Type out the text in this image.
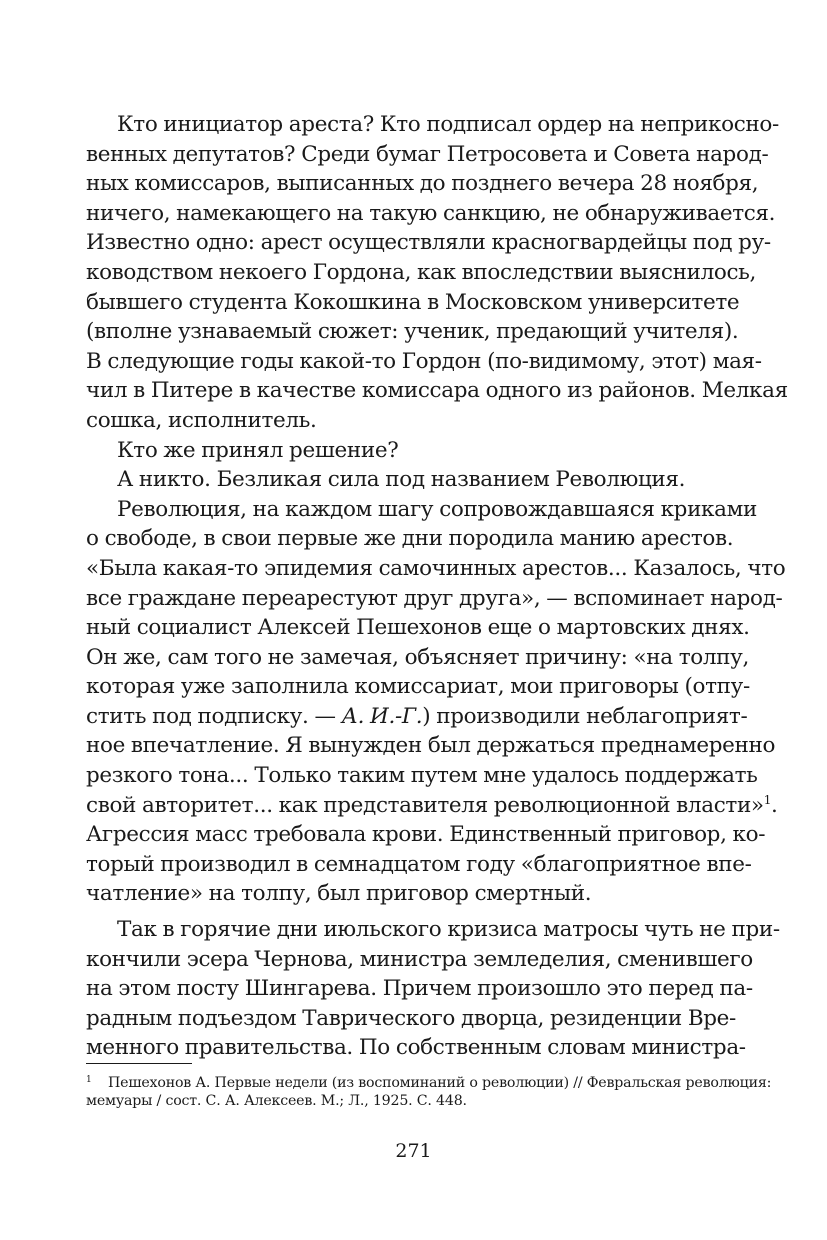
Кто инициатор ареста? Кто подписал ордер на неприкоснo-
венных депутатов? Среди бумаг Петросовета и Совета народ-
ных комиссаров, выписанных до позднего вечера 28 ноября,
ничего, намекающего на такую санкцию, не обнаруживается.
Известно одно: арест осуществляли красногвардейцы под ру-
ководством некоего Гордона, как впоследствии выяснилось,
бывшего студента Кокошкина в Московском университете
(вполне узнаваемый сюжет: ученик, предающий учителя).
В следующие годы какой-то Гордон (по-видимому, этот) мая-
чил в Питере в качестве комиссара одного из районов. Мелкая
сошка, исполнитель.
Кто же принял решение?
А никто. Безликая сила под названием Революция.
Революция, на каждом шагу сопровождавшаяся криками
о свободе, в свои первые же дни породила манию арестов.
«Была какая-то эпидемия самочинных арестов... Казалось, что
все граждане переарестуют друг друга», — вспоминает народ-
ный социалист Алексей Пешехонов еще о мартовских днях.
Он же, сам того не замечая, объясняет причину: «на толпу,
которая уже заполнила комиссариат, мои приговоры (отпу-
стить под подписку. — А. И.-Г.) производили неблагоприят-
ное впечатление. Я вынужден был держаться преднамеренно
резкого тона... Только таким путем мне удалось поддержать
свой авторитет... как представителя революционной власти»$^1$.
Агрессия масс требовала крови. Единственный приговор, ко-
торый производил в семнадцатом году «благоприятное впе-
чатление» на толпу, был приговор смертный.
Так в горячие дни июльского кризиса матросы чуть не при-
кончили эсера Чернова, министра земледелия, сменившего
на этом посту Шингарева. Причем произошло это перед па-
радным подъездом Таврического дворца, резиденции Вре-
менного правительства. По собственным словам министра-
1 Пешехонов А. Первые недели (из воспоминаний о революции) // Февральская революция:
мемуары / сост. С. А. Алексеев. М.; Л., 1925. С. 448.
271
